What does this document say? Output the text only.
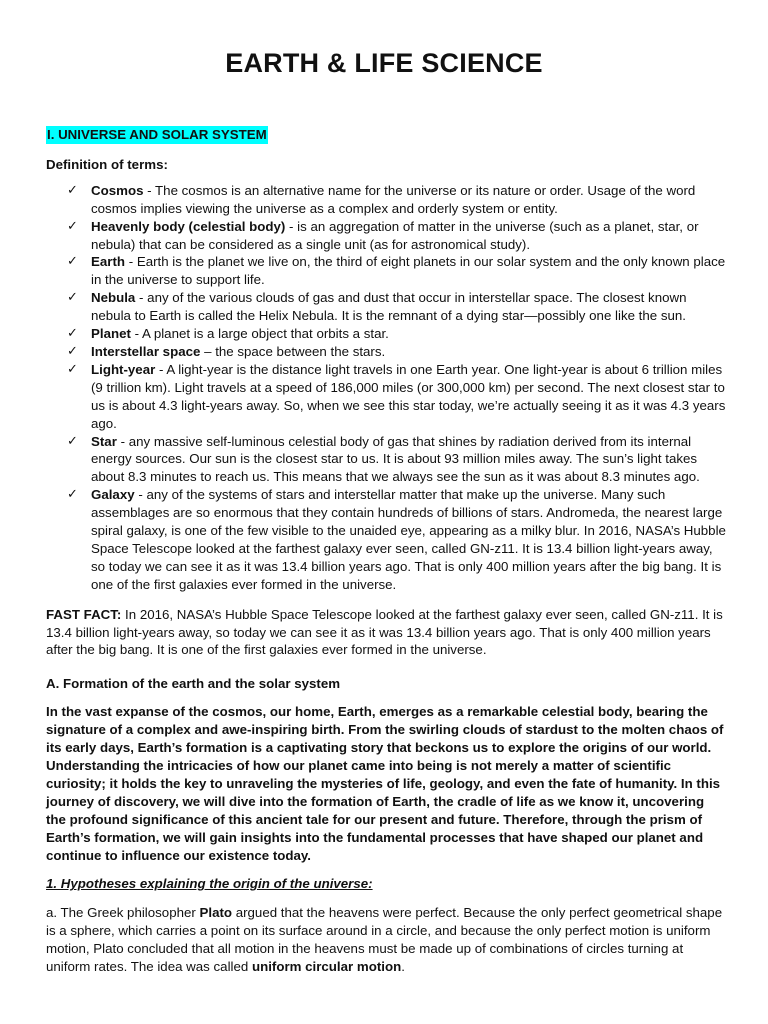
EARTH & LIFE SCIENCE
I. UNIVERSE AND SOLAR SYSTEM
Definition of terms:
✓ Cosmos - The cosmos is an alternative name for the universe or its nature or order. Usage of the word cosmos implies viewing the universe as a complex and orderly system or entity.
✓ Heavenly body (celestial body) - is an aggregation of matter in the universe (such as a planet, star, or nebula) that can be considered as a single unit (as for astronomical study).
✓ Earth - Earth is the planet we live on, the third of eight planets in our solar system and the only known place in the universe to support life.
✓ Nebula - any of the various clouds of gas and dust that occur in interstellar space. The closest known nebula to Earth is called the Helix Nebula. It is the remnant of a dying star—possibly one like the sun.
✓ Planet - A planet is a large object that orbits a star.
✓ Interstellar space – the space between the stars.
✓ Light-year - A light-year is the distance light travels in one Earth year. One light-year is about 6 trillion miles (9 trillion km). Light travels at a speed of 186,000 miles (or 300,000 km) per second. The next closest star to us is about 4.3 light-years away. So, when we see this star today, we’re actually seeing it as it was 4.3 years ago.
✓ Star - any massive self-luminous celestial body of gas that shines by radiation derived from its internal energy sources. Our sun is the closest star to us. It is about 93 million miles away. The sun’s light takes about 8.3 minutes to reach us. This means that we always see the sun as it was about 8.3 minutes ago.
✓ Galaxy - any of the systems of stars and interstellar matter that make up the universe. Many such assemblages are so enormous that they contain hundreds of billions of stars. Andromeda, the nearest large spiral galaxy, is one of the few visible to the unaided eye, appearing as a milky blur. In 2016, NASA’s Hubble Space Telescope looked at the farthest galaxy ever seen, called GN-z11. It is 13.4 billion light-years away, so today we can see it as it was 13.4 billion years ago. That is only 400 million years after the big bang. It is one of the first galaxies ever formed in the universe.

FAST FACT: In 2016, NASA’s Hubble Space Telescope looked at the farthest galaxy ever seen, called GN-z11. It is 13.4 billion light-years away, so today we can see it as it was 13.4 billion years ago. That is only 400 million years after the big bang. It is one of the first galaxies ever formed in the universe.

A. Formation of the earth and the solar system

In the vast expanse of the cosmos, our home, Earth, emerges as a remarkable celestial body, bearing the signature of a complex and awe-inspiring birth. From the swirling clouds of stardust to the molten chaos of its early days, Earth’s formation is a captivating story that beckons us to explore the origins of our world. Understanding the intricacies of how our planet came into being is not merely a matter of scientific curiosity; it holds the key to unraveling the mysteries of life, geology, and even the fate of humanity. In this journey of discovery, we will dive into the formation of Earth, the cradle of life as we know it, uncovering the profound significance of this ancient tale for our present and future. Therefore, through the prism of Earth’s formation, we will gain insights into the fundamental processes that have shaped our planet and continue to influence our existence today.

1. Hypotheses explaining the origin of the universe:

a. The Greek philosopher Plato argued that the heavens were perfect. Because the only perfect geometrical shape is a sphere, which carries a point on its surface around in a circle, and because the only perfect motion is uniform motion, Plato concluded that all motion in the heavens must be made up of combinations of circles turning at uniform rates. The idea was called uniform circular motion.
